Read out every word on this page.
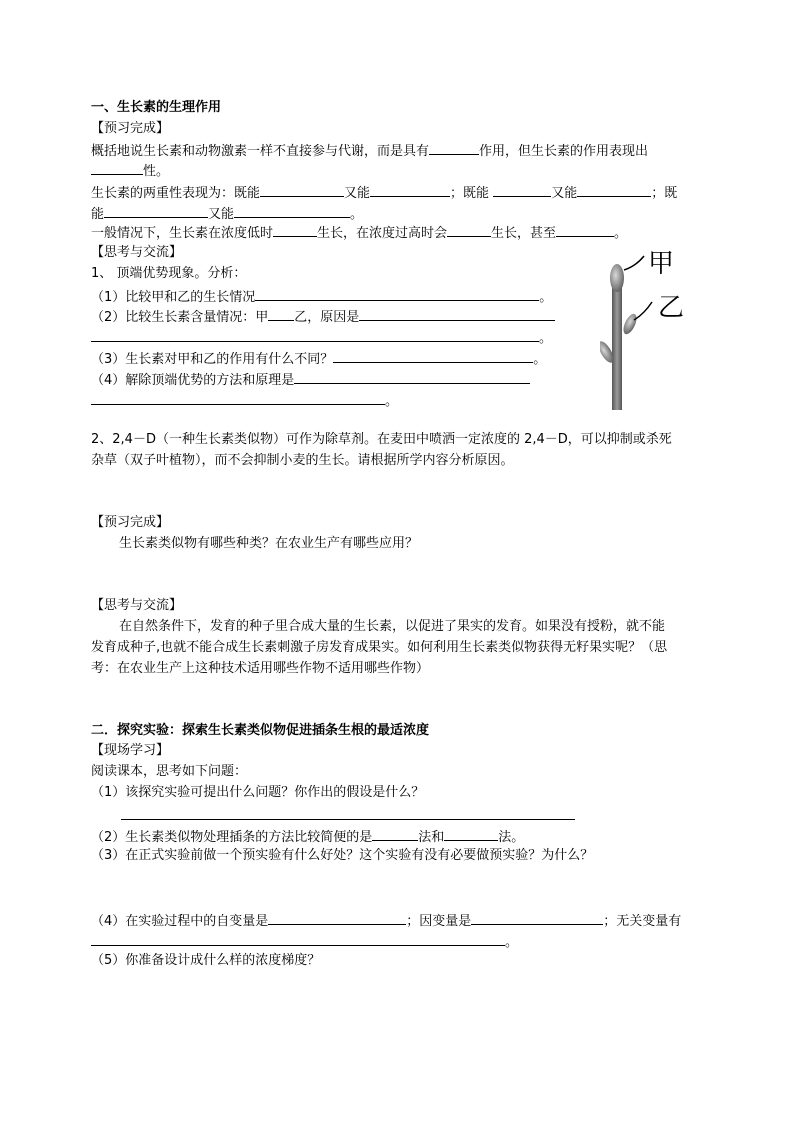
一、生长素的生理作用
【预习完成】
概括地说生长素和动物激素一样不直接参与代谢，而是具有	作用，但生长素的作用表现出
性。
生长素的两重性表现为：既能	又能	；既能	又能	；既
能	又能	。
一般情况下，生长素在浓度低时	生长，在浓度过高时会	生长，甚至	。
【思考与交流】
1、 顶端优势现象。分析：
（1）比较甲和乙的生长情况	。
（2）比较生长素含量情况：甲 乙，原因是
。
（3）生长素对甲和乙的作用有什么不同？	。
（4）解除顶端优势的方法和原理是
。
甲
乙
2、2,4－D（一种生长素类似物）可作为除草剂。在麦田中喷洒一定浓度的 2,4－D，可以抑制或杀死
杂草（双子叶植物），而不会抑制小麦的生长。请根据所学内容分析原因。
【预习完成】
生长素类似物有哪些种类？在农业生产有哪些应用？
【思考与交流】
在自然条件下，发育的种子里合成大量的生长素，以促进了果实的发育。如果没有授粉，就不能
发育成种子,也就不能合成生长素刺激子房发育成果实。如何利用生长素类似物获得无籽果实呢？（思
考：在农业生产上这种技术适用哪些作物不适用哪些作物）
二．探究实验：探索生长素类似物促进插条生根的最适浓度
【现场学习】
阅读课本，思考如下问题：
（1）该探究实验可提出什么问题？你作出的假设是什么？
（2）生长素类似物处理插条的方法比较简便的是	法和	法。
（3）在正式实验前做一个预实验有什么好处？这个实验有没有必要做预实验？为什么？
（4）在实验过程中的自变量是	；因变量是	；无关变量有
。
（5）你准备设计成什么样的浓度梯度？
